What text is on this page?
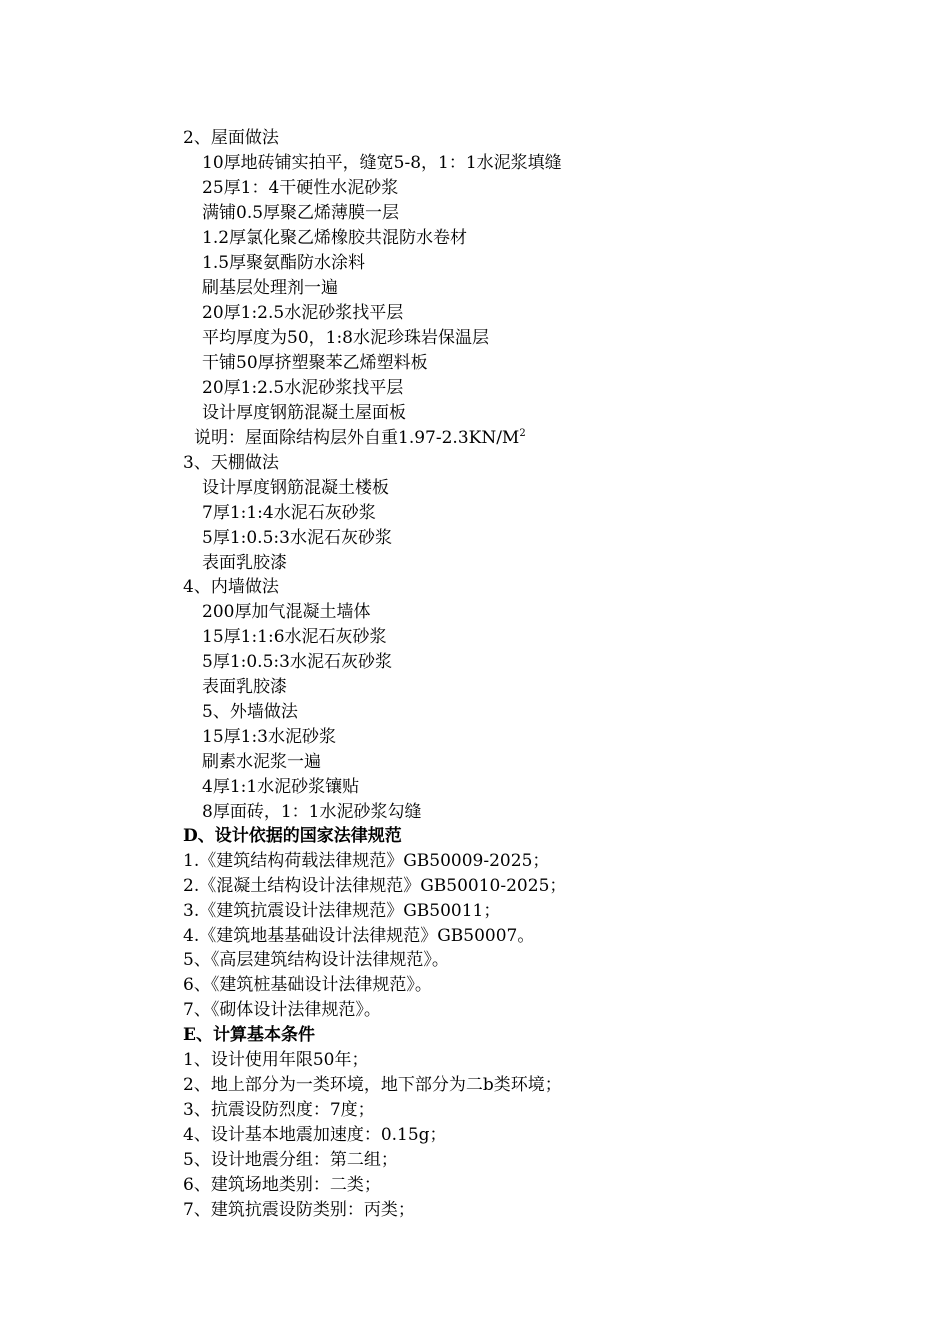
2、屋面做法
10厚地砖铺实拍平，缝宽5-8，1：1水泥浆填缝
25厚1：4干硬性水泥砂浆
满铺0.5厚聚乙烯薄膜一层
1.2厚氯化聚乙烯橡胶共混防水卷材
1.5厚聚氨酯防水涂料
刷基层处理剂一遍
20厚1:2.5水泥砂浆找平层
平均厚度为50，1:8水泥珍珠岩保温层
干铺50厚挤塑聚苯乙烯塑料板
20厚1:2.5水泥砂浆找平层
设计厚度钢筋混凝土屋面板
说明：屋面除结构层外自重$1.97-2.3KN/M^2$
3、天棚做法
设计厚度钢筋混凝土楼板
7厚1:1:4水泥石灰砂浆
5厚1:0.5:3水泥石灰砂浆
表面乳胶漆
4、内墙做法
200厚加气混凝土墙体
15厚1:1:6水泥石灰砂浆
5厚1:0.5:3水泥石灰砂浆
表面乳胶漆
5、外墙做法
15厚1:3水泥砂浆
刷素水泥浆一遍
4厚1:1水泥砂浆镶贴
8厚面砖，1：1水泥砂浆勾缝
D、设计依据的国家法律规范
1.《建筑结构荷载法律规范》GB50009-2025；
2.《混凝土结构设计法律规范》GB50010-2025；
3.《建筑抗震设计法律规范》GB50011；
4.《建筑地基基础设计法律规范》GB50007。
5、《高层建筑结构设计法律规范》。
6、《建筑桩基础设计法律规范》。
7、《砌体设计法律规范》。
E、计算基本条件
1、设计使用年限50年；
2、地上部分为一类环境，地下部分为二b类环境；
3、抗震设防烈度：7度；
4、设计基本地震加速度：0.15g；
5、设计地震分组：第二组；
6、建筑场地类别：二类；
7、建筑抗震设防类别：丙类；
